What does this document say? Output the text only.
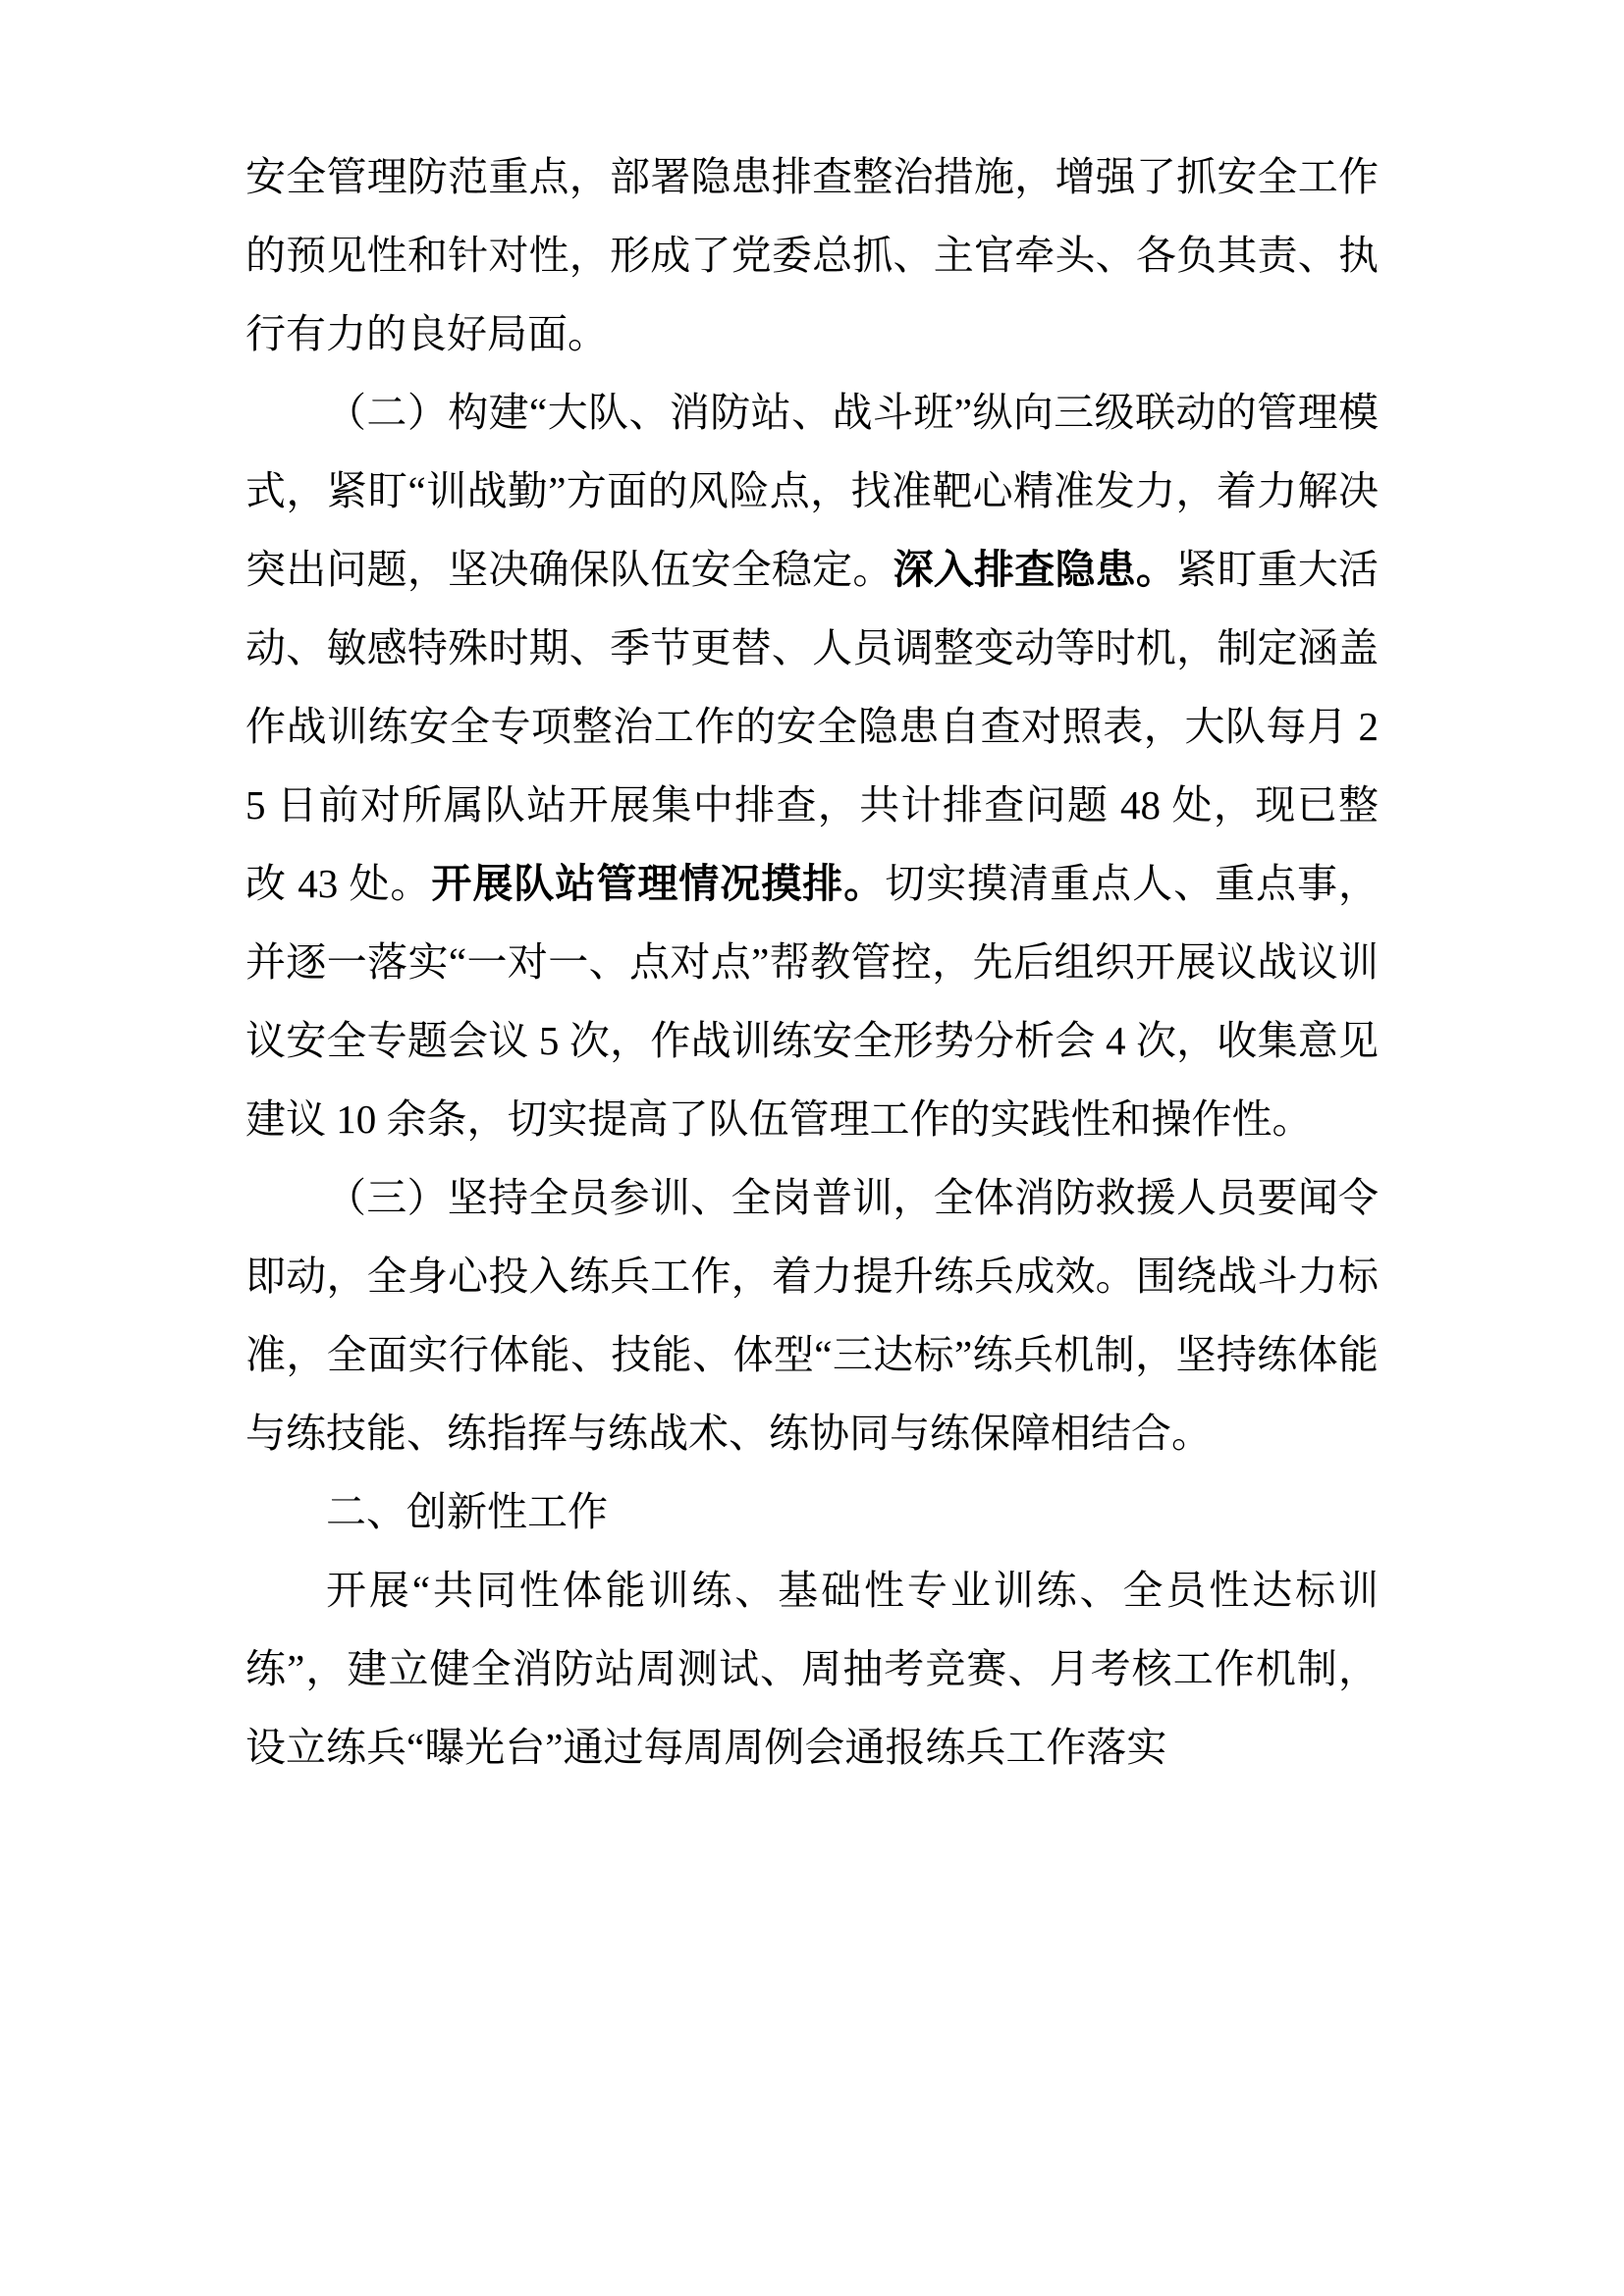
安全管理防范重点，部署隐患排查整治措施，增强了抓安全工作的预见性和针对性，形成了党委总抓、主官牵头、各负其责、执行有力的良好局面。

（二）构建“大队、消防站、战斗班”纵向三级联动的管理模式，紧盯“训战勤”方面的风险点，找准靶心精准发力，着力解决突出问题，坚决确保队伍安全稳定。深入排查隐患。紧盯重大活动、敏感特殊时期、季节更替、人员调整变动等时机，制定涵盖作战训练安全专项整治工作的安全隐患自查对照表，大队每月 25 日前对所属队站开展集中排查，共计排查问题 48 处，现已整改 43 处。开展队站管理情况摸排。切实摸清重点人、重点事，并逐一落实“一对一、点对点”帮教管控，先后组织开展议战议训议安全专题会议 5 次，作战训练安全形势分析会 4 次，收集意见建议 10 余条，切实提高了队伍管理工作的实践性和操作性。

（三）坚持全员参训、全岗普训，全体消防救援人员要闻令即动，全身心投入练兵工作，着力提升练兵成效。围绕战斗力标准，全面实行体能、技能、体型“三达标”练兵机制，坚持练体能与练技能、练指挥与练战术、练协同与练保障相结合。

二、创新性工作

开展“共同性体能训练、基础性专业训练、全员性达标训练”，建立健全消防站周测试、周抽考竞赛、月考核工作机制，设立练兵“曝光台”通过每周周例会通报练兵工作落实
